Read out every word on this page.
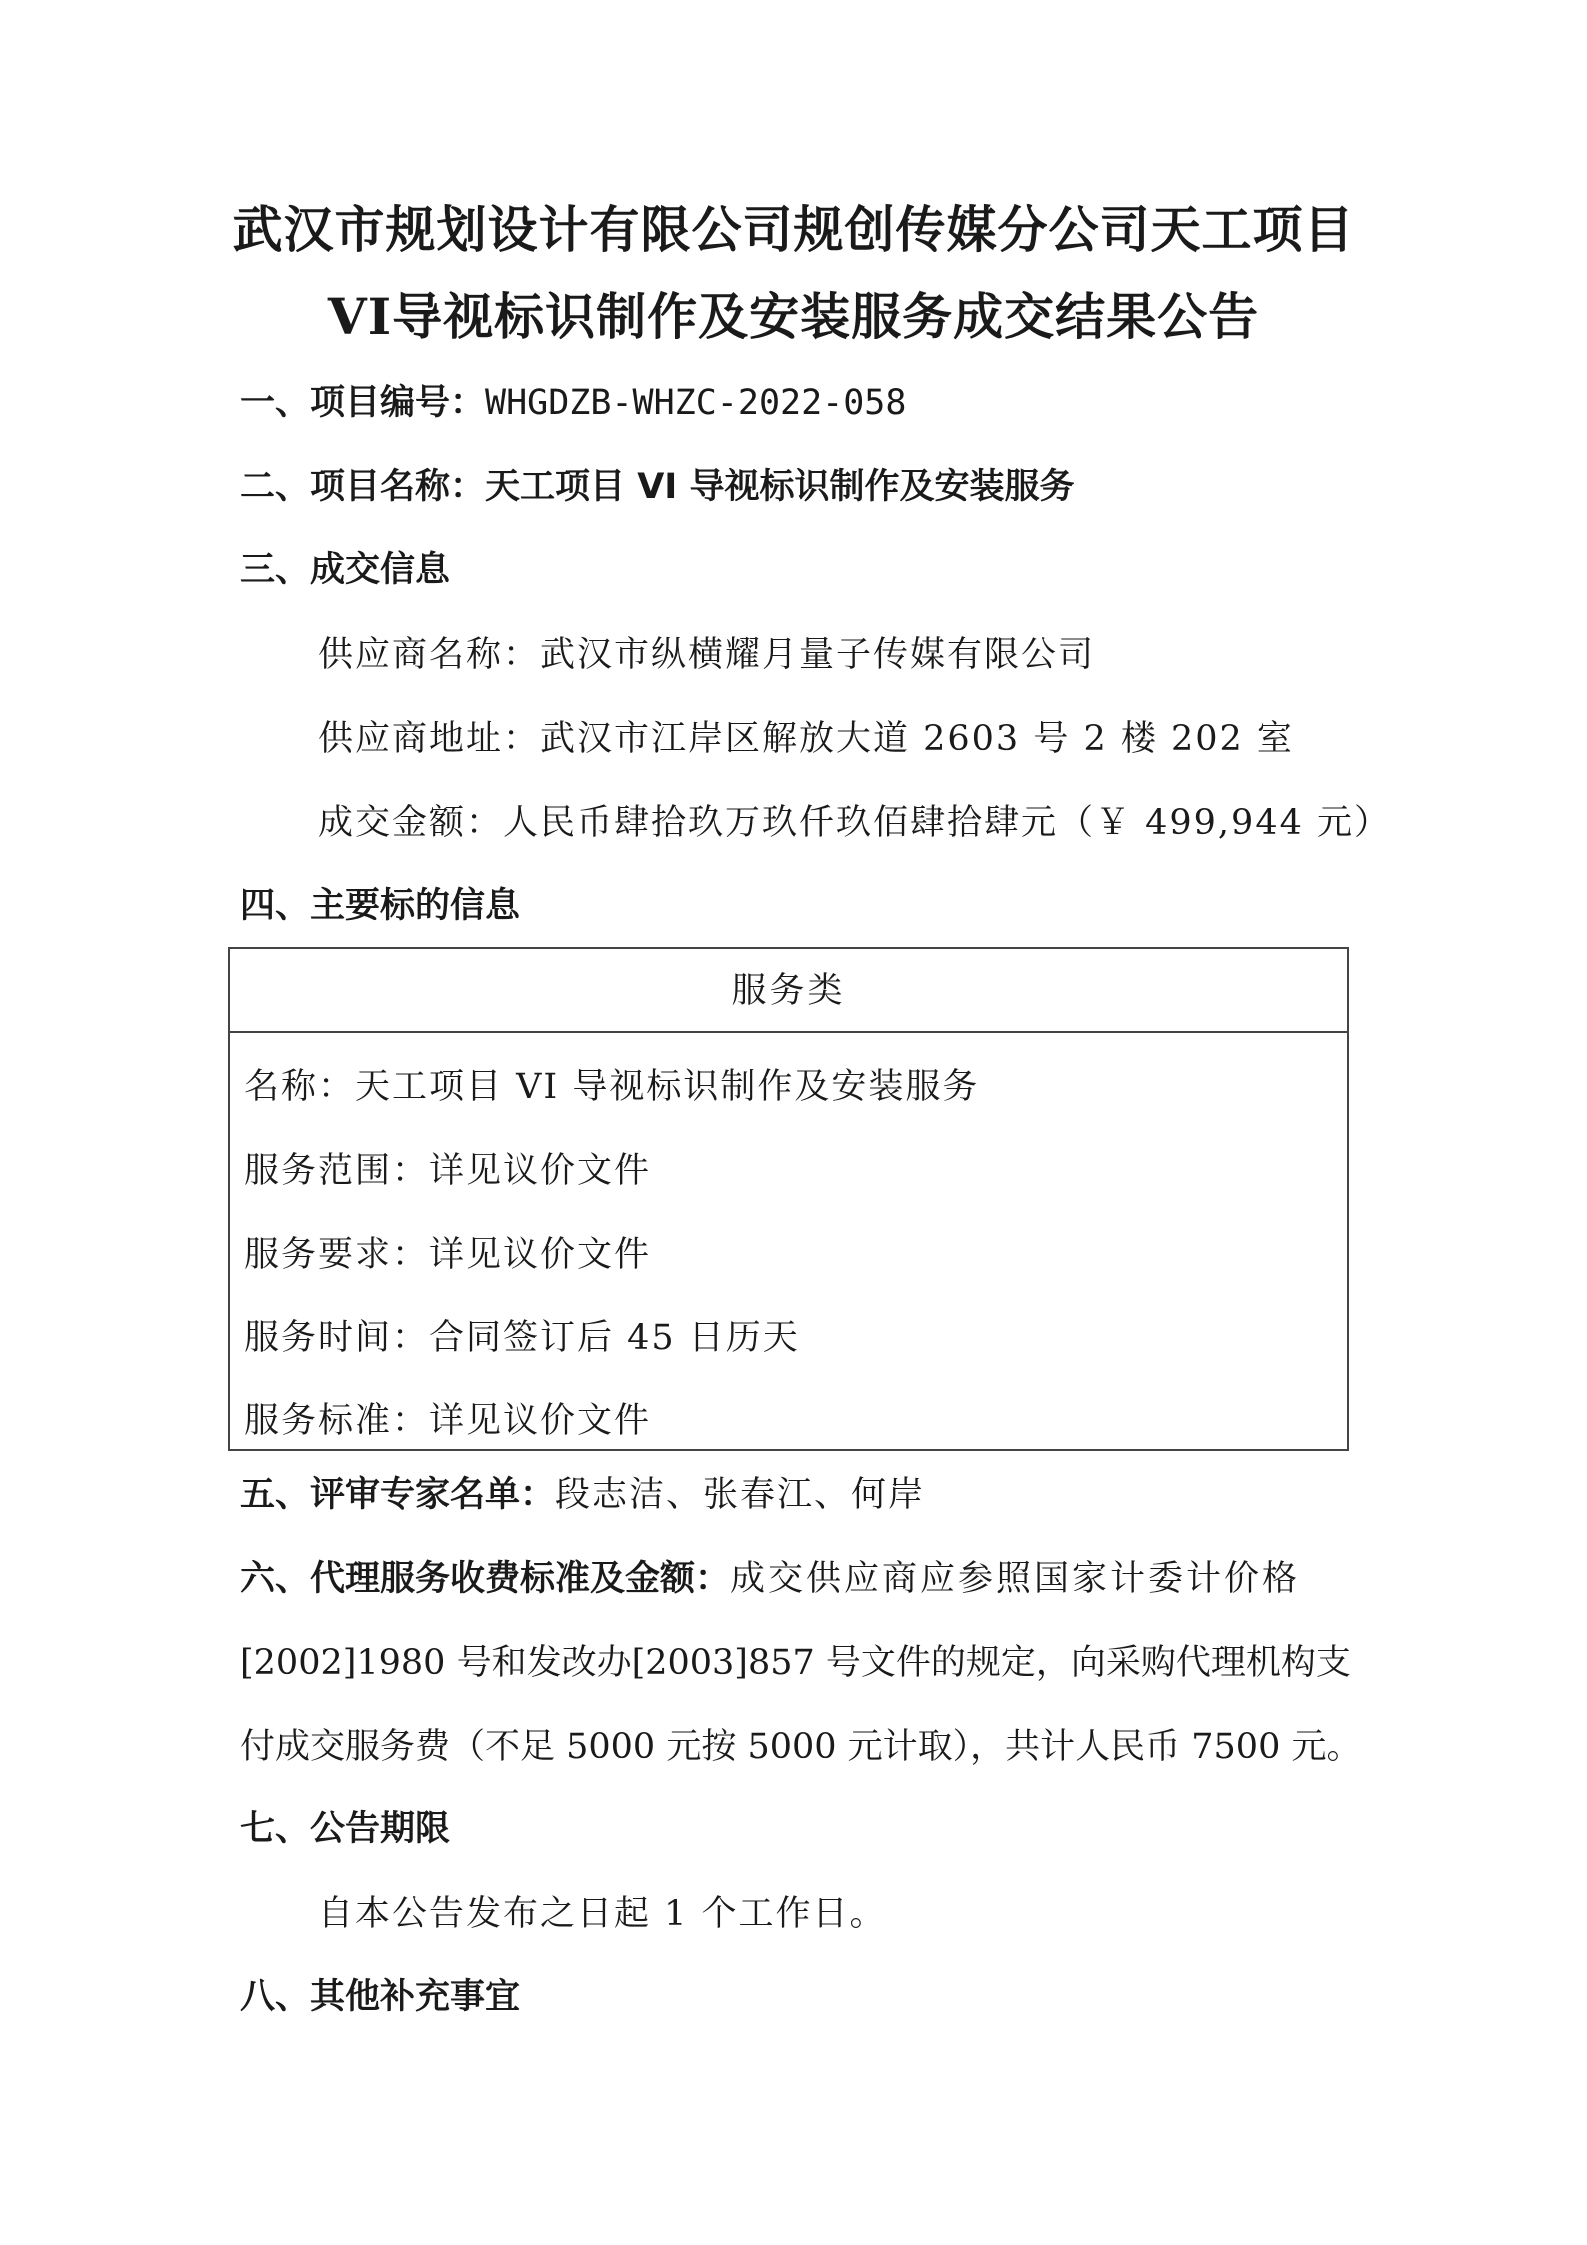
武汉市规划设计有限公司规创传媒分公司天工项目
VI导视标识制作及安装服务成交结果公告
一、项目编号：WHGDZB-WHZC-2022-058
二、项目名称：天工项目 VI 导视标识制作及安装服务
三、成交信息
供应商名称：武汉市纵横耀月量子传媒有限公司
供应商地址：武汉市江岸区解放大道 2603 号 2 楼 202 室
成交金额：人民币肆拾玖万玖仟玖佰肆拾肆元（￥ 499,944 元）
四、主要标的信息
服务类
名称：天工项目 VI 导视标识制作及安装服务
服务范围：详见议价文件
服务要求：详见议价文件
服务时间：合同签订后 45 日历天
服务标准：详见议价文件
五、评审专家名单：段志洁、张春江、何岸
六、代理服务收费标准及金额：成交供应商应参照国家计委计价格
[2002]1980 号和发改办[2003]857 号文件的规定，向采购代理机构支
付成交服务费（不足 5000 元按 5000 元计取），共计人民币 7500 元。
七、公告期限
自本公告发布之日起 1 个工作日。
八、其他补充事宜
